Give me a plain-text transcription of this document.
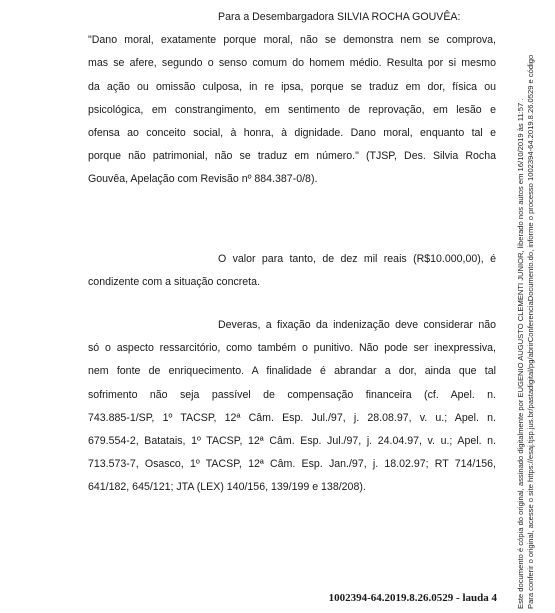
Para a Desembargadora SILVIA ROCHA GOUVÊA:
"Dano moral, exatamente porque moral, não se demonstra nem se comprova,
mas se afere, segundo o senso comum do homem médio. Resulta por si mesmo
da ação ou omissão culposa, in re ipsa, porque se traduz em dor, física ou
psicológica, em constrangimento, em sentimento de reprovação, em lesão e
ofensa ao conceito social, à honra, à dignidade. Dano moral, enquanto tal e
porque não patrimonial, não se traduz em número." (TJSP, Des. Silvia Rocha
Gouvêa, Apelação com Revisão nº 884.387-0/8).
O valor para tanto, de dez mil reais (R$10.000,00), é
condizente com a situação concreta.
Deveras, a fixação da indenização deve considerar não
só o aspecto ressarcitório, como também o punitivo. Não pode ser inexpressiva,
nem fonte de enriquecimento. A finalidade é abrandar a dor, ainda que tal
sofrimento não seja passível de compensação financeira (cf. Apel. n.
743.885-1/SP, 1º TACSP, 12ª Câm. Esp. Jul./97, j. 28.08.97, v. u.; Apel. n.
679.554-2, Batatais, 1º TACSP, 12ª Câm. Esp. Jul./97, j. 24.04.97, v. u.; Apel. n.
713.573-7, Osasco, 1º TACSP, 12ª Câm. Esp. Jan./97, j. 18.02.97; RT 714/156,
641/182, 645/121; JTA (LEX) 140/156, 139/199 e 138/208).
1002394-64.2019.8.26.0529 - lauda 4	Este documento é cópia do original, assinado digitalmente por EUGENIO AUGUSTO CLEMENTI JUNIOR, liberado nos autos em 16/10/2019 às 11:57 . Para conferir o original, acesse o site https://esaj.tjsp.jus.br/pastadigital/pg/abrirConferenciaDocumento.do, informe o processo 1002394-64.2019.8.26.0529 e código
